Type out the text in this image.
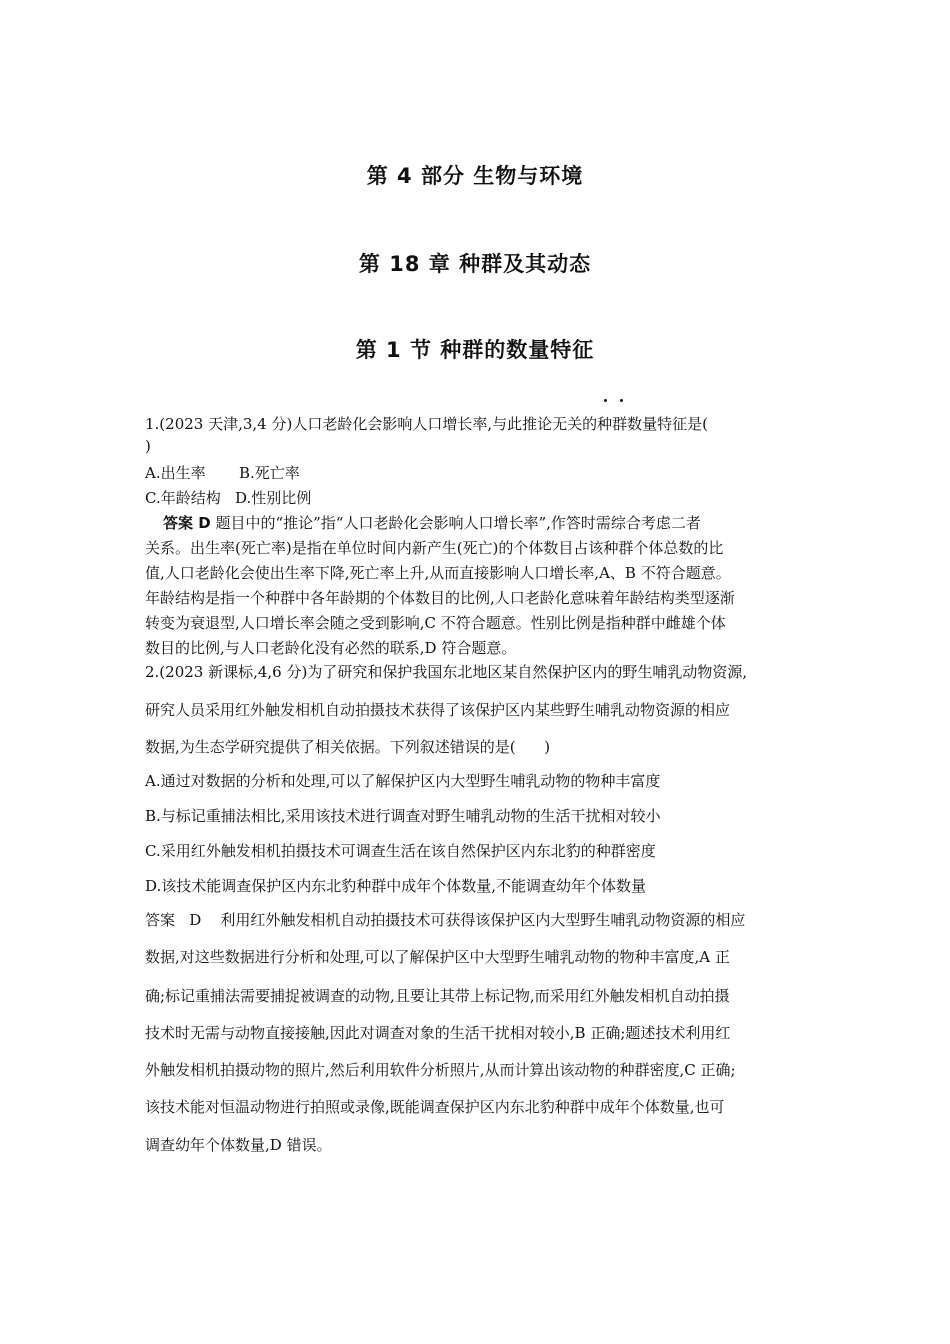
第 4 部分 生物与环境
第 18 章 种群及其动态
第 1 节 种群的数量特征
1.(2023 天津,3,4 分)人口老龄化会影响人口增长率,与此推论无关的种群数量特征是(
)
A.出生率       B.死亡率
C.年龄结构   D.性别比例
答案 D 题目中的“推论”指“人口老龄化会影响人口增长率”,作答时需综合考虑二者
关系。出生率(死亡率)是指在单位时间内新产生(死亡)的个体数目占该种群个体总数的比
值,人口老龄化会使出生率下降,死亡率上升,从而直接影响人口增长率,A、B 不符合题意。
年龄结构是指一个种群中各年龄期的个体数目的比例,人口老龄化意味着年龄结构类型逐渐
转变为衰退型,人口增长率会随之受到影响,C 不符合题意。性别比例是指种群中雌雄个体
数目的比例,与人口老龄化没有必然的联系,D 符合题意。
2.(2023 新课标,4,6 分)为了研究和保护我国东北地区某自然保护区内的野生哺乳动物资源,
研究人员采用红外触发相机自动拍摄技术获得了该保护区内某些野生哺乳动物资源的相应
数据,为生态学研究提供了相关依据。下列叙述错误的是(      )
A.通过对数据的分析和处理,可以了解保护区内大型野生哺乳动物的物种丰富度
B.与标记重捕法相比,采用该技术进行调查对野生哺乳动物的生活干扰相对较小
C.采用红外触发相机拍摄技术可调查生活在该自然保护区内东北豹的种群密度
D.该技术能调查保护区内东北豹种群中成年个体数量,不能调查幼年个体数量
答案   D    利用红外触发相机自动拍摄技术可获得该保护区内大型野生哺乳动物资源的相应
数据,对这些数据进行分析和处理,可以了解保护区中大型野生哺乳动物的物种丰富度,A 正
确;标记重捕法需要捕捉被调查的动物,且要让其带上标记物,而采用红外触发相机自动拍摄
技术时无需与动物直接接触,因此对调查对象的生活干扰相对较小,B 正确;题述技术利用红
外触发相机拍摄动物的照片,然后利用软件分析照片,从而计算出该动物的种群密度,C 正确;
该技术能对恒温动物进行拍照或录像,既能调查保护区内东北豹种群中成年个体数量,也可
调查幼年个体数量,D 错误。
